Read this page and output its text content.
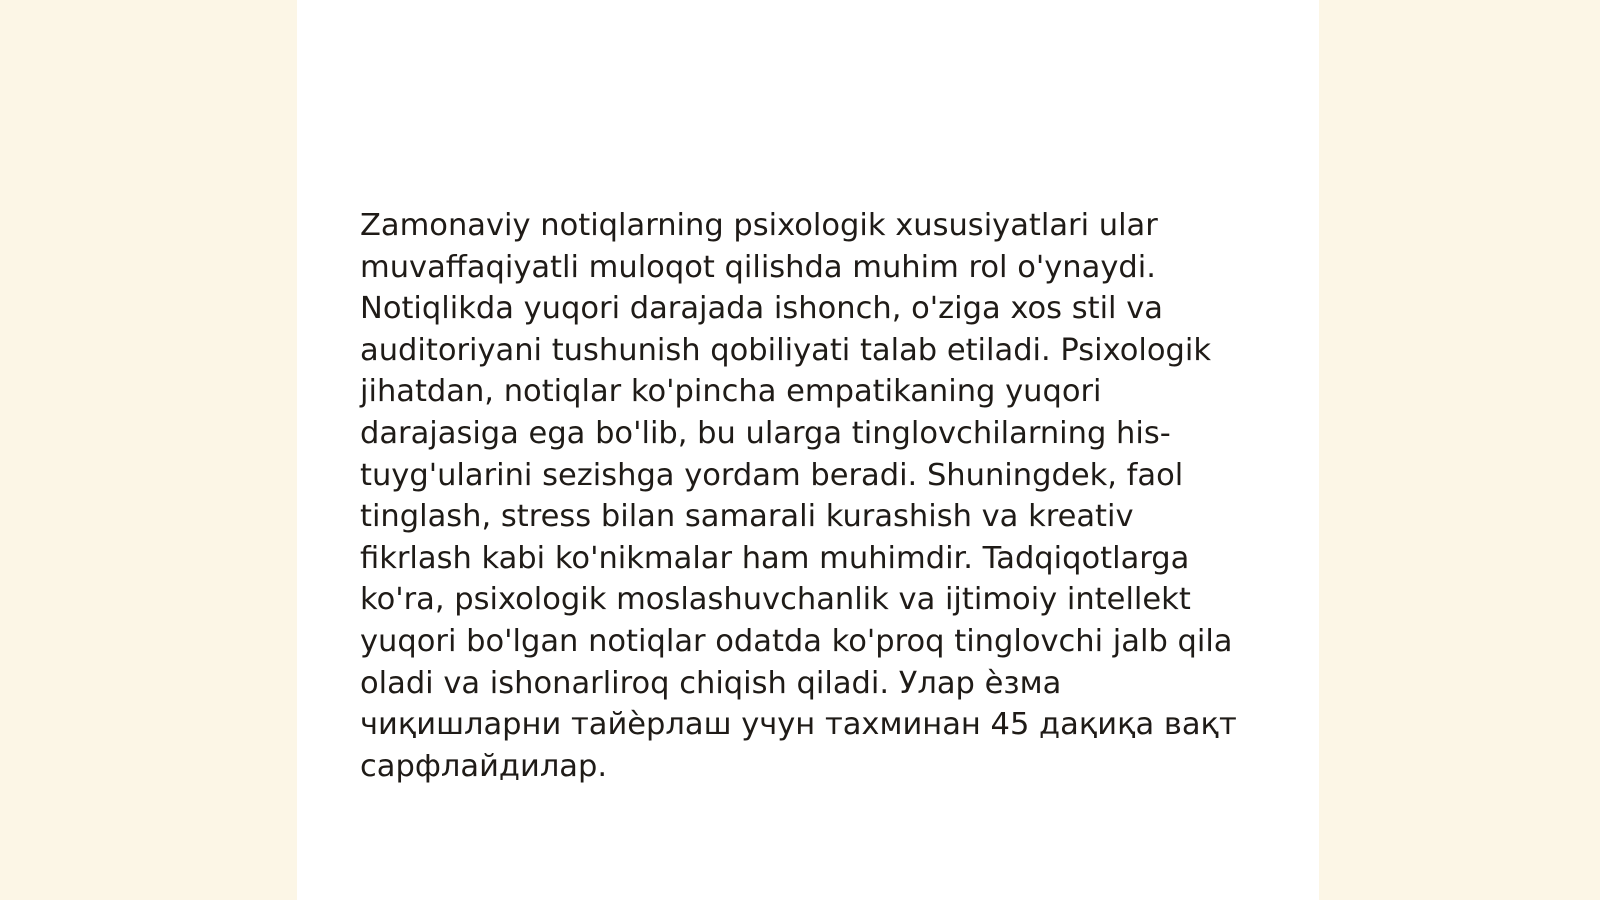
Zamonaviy notiqlarning psixologik xususiyatlari ular muvaffaqiyatli muloqot qilishda muhim rol o'ynaydi. Notiqlikda yuqori darajada ishonch, o'ziga xos stil va auditoriyani tushunish qobiliyati talab etiladi. Psixologik jihatdan, notiqlar ko'pincha empatikaning yuqori darajasiga ega bo'lib, bu ularga tinglovchilarning his-tuyg'ularini sezishga yordam beradi. Shuningdek, faol tinglash, stress bilan samarali kurashish va kreativ fikrlash kabi ko'nikmalar ham muhimdir. Tadqiqotlarga ko'ra, psixologik moslashuvchanlik va ijtimoiy intellekt yuqori bo'lgan notiqlar odatda ko'proq tinglovchi jalb qila oladi va ishonarliroq chiqish qiladi. Улар ѐзма чиқишларни тайѐрлаш учун тахминан 45 дақиқа вақт сарфлайдилар.
